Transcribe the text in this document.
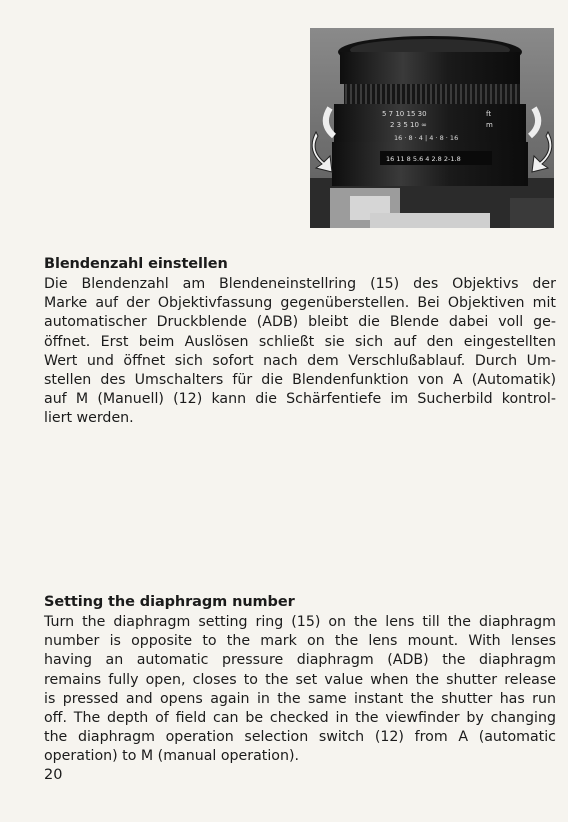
5 7 10 15 30
2 3 5 10 ∞
ft
m
16 · 8 · 4 | 4 · 8 · 16
16 11 8 5.6 4 2.8 2-1.8
Blendenzahl einstellen

Die Blendenzahl am Blendeneinstellring (15) des Objektivs der
Marke auf der Objektivfassung gegenüberstellen. Bei Objektiven mit
automatischer Druckblende (ADB) bleibt die Blende dabei voll ge-
öffnet. Erst beim Auslösen schließt sie sich auf den eingestellten
Wert und öffnet sich sofort nach dem Verschlußablauf. Durch Um-
stellen des Umschalters für die Blendenfunktion von A (Automatik)
auf M (Manuell) (12) kann die Schärfentiefe im Sucherbild kontrol-
liert werden.

Setting the diaphragm number

Turn the diaphragm setting ring (15) on the lens till the diaphragm
number is opposite to the mark on the lens mount. With lenses
having an automatic pressure diaphragm (ADB) the diaphragm
remains fully open, closes to the set value when the shutter release
is pressed and opens again in the same instant the shutter has run
off. The depth of field can be checked in the viewfinder by changing
the diaphragm operation selection switch (12) from A (automatic
operation) to M (manual operation).

20
